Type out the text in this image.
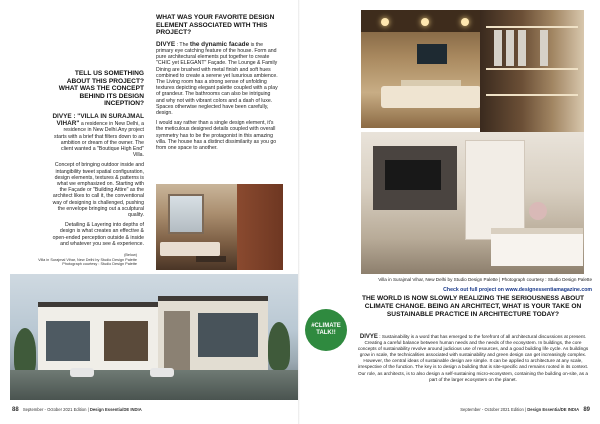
TELL US SOMETHING ABOUT THIS PROJECT? WHAT WAS THE CONCEPT BEHIND ITS DESIGN INCEPTION?

DIVYE : "VILLA IN SURAJMAL VIHAR" a residence in New Delhi, a residence in New Delhi.Any project starts with a brief that filters down to an ambition or dream of the owner. The client wanted a "Boutique High End" Villa.

Concept of bringing outdoor inside and intangibility tweet spatial configuration, design elements, textures & patterns is what we emphasized on. Starting with the Façade or "Building Attire" as the architect likes to call it, the conventional way of designing is challenged, pushing the envelope bringing out a sculptural quality.

Detailing & Layering into depths of design is what creates an effective & open-ended perception outside & inside and whatever you see & experience.

WHAT WAS YOUR FAVORITE DESIGN ELEMENT ASSOCIATED WITH THIS PROJECT?

DIVYE : The the dynamic facade is the primary eye catching feature of the house. Form and pure architectural elements put together to create "CHIC yet ELEGANT" Façade. The Lounge & Family Dining are brushed with metal finish and soft hues combined to create a serene yet luxurious ambience. The Living room has a strong sense of unfolding textures depicting elegant palette coupled with a play of grandeur. The bathrooms can also be intriguing and why not with vibrant colors and a dash of luxe. Spaces otherwise neglected have been carefully, design.

I would say rather than a single design element, it's the meticulous designed details coupled with overall symmetry has to be the protagonist in this amazing villa. The house has a distinct dissimilarity as you go from one space to another.

(Below)
Villa in Surajmal Vihar, New Delhi by Studio Design Palette
Photograph courtesy : Studio Design Palette
88 September - October 2021 Edition | Design Essentia/DE INDIA
Villa in Surajmal Vihar, New Delhi by Studio Design Palette | Photograph courtesy : Studio Design Palette
Check out full project on www.designessentiamagazine.com
#CLIMATE
TALK!!
THE WORLD IS NOW SLOWLY REALIZING THE SERIOUSNESS ABOUT CLIMATE CHANGE. BEING AN ARCHITECT, WHAT IS YOUR TAKE ON SUSTAINABLE PRACTICE IN ARCHITECTURE TODAY?
DIVYE : Sustainability is a word that has emerged to the forefront of all architectural discussions at present. Creating a careful balance between human needs and the needs of the ecosystem. In buildings, the core concepts of sustainability revolve around judicious use of resources, and a good building life cycle. As buildings grow in scale, the technicalities associated with sustainability and green design can get increasingly complex. However, the central ideas of sustainable design are simple. It can be applied to architecture at any scale, irrespective of the function. The key is to design a building that is site-specific and remains rooted in its context. Our role, as architects, is to also design a self-sustaining micro-ecosystem, containing the building on-site, as a part of the larger ecosystem on the planet.
September - October 2021 Edition | Design Essentia/DE INDIA 89
